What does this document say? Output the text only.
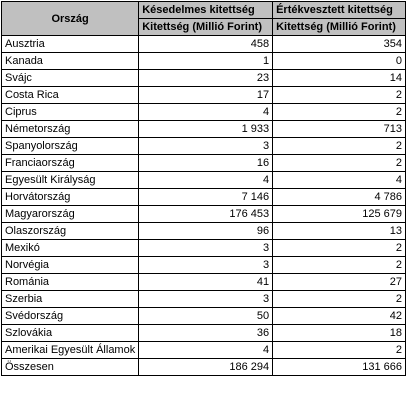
Ország	Késedelmes kitettség	Értékvesztett kitettség
	Kitettség (Millió Forint)	Kitettség (Millió Forint)
Ausztria	458	354
Kanada	1	0
Svájc	23	14
Costa Rica	17	2
Ciprus	4	2
Németország	1 933	713
Spanyolország	3	2
Franciaország	16	2
Egyesült Királyság	4	4
Horvátország	7 146	4 786
Magyarország	176 453	125 679
Olaszország	96	13
Mexikó	3	2
Norvégia	3	2
Románia	41	27
Szerbia	3	2
Svédország	50	42
Szlovákia	36	18
Amerikai Egyesült Államok	4	2
Összesen	186 294	131 666
